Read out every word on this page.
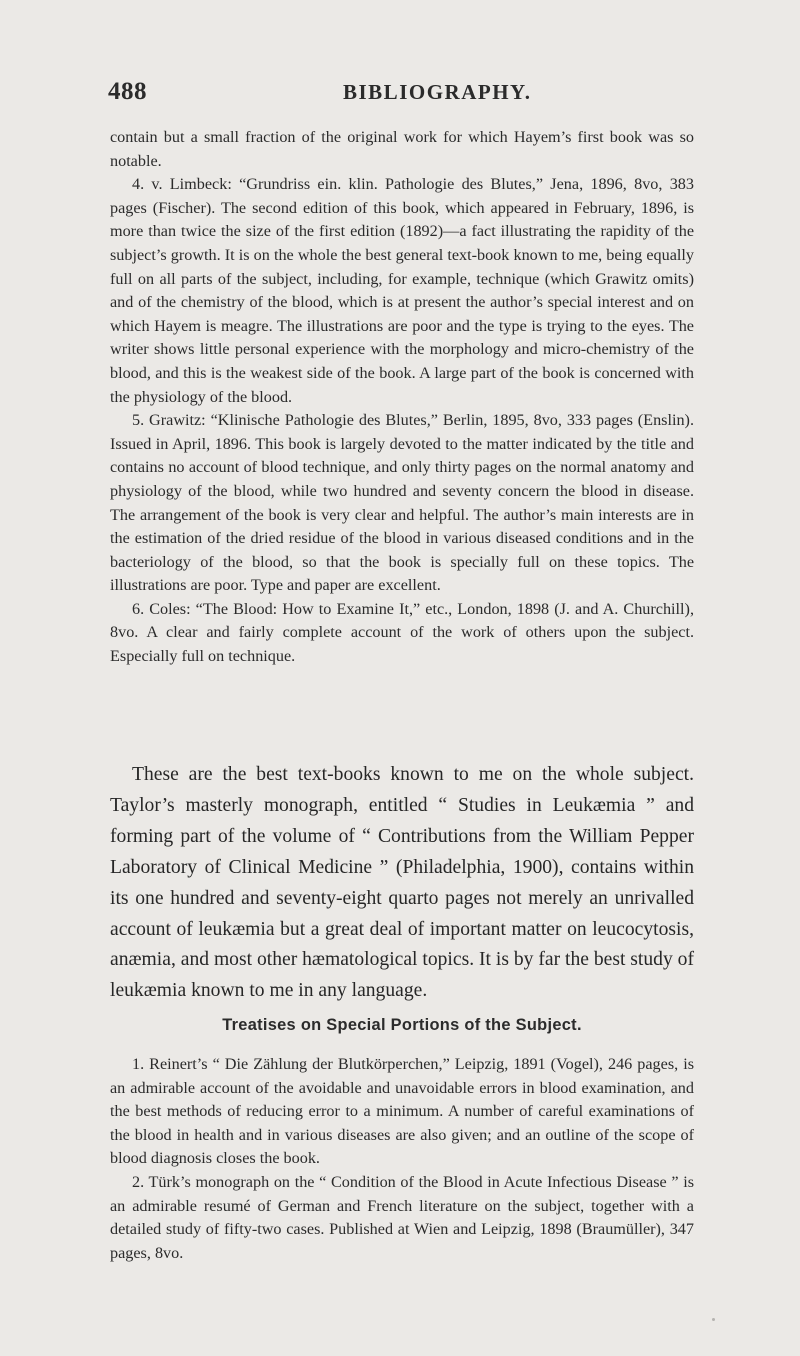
488	BIBLIOGRAPHY.

contain but a small fraction of the original work for which Hayem’s first book was so notable.

4. v. Limbeck: “Grundriss ein. klin. Pathologie des Blutes,” Jena, 1896, 8vo, 383 pages (Fischer). The second edition of this book, which appeared in February, 1896, is more than twice the size of the first edition (1892)—a fact illustrating the rapidity of the subject’s growth. It is on the whole the best general text-book known to me, being equally full on all parts of the subject, including, for example, technique (which Grawitz omits) and of the chemistry of the blood, which is at present the author’s special interest and on which Hayem is meagre. The illustrations are poor and the type is trying to the eyes. The writer shows little personal experience with the morphology and micro-chemistry of the blood, and this is the weakest side of the book. A large part of the book is concerned with the physiology of the blood.

5. Grawitz: “Klinische Pathologie des Blutes,” Berlin, 1895, 8vo, 333 pages (Enslin). Issued in April, 1896. This book is largely devoted to the matter indicated by the title and contains no account of blood technique, and only thirty pages on the normal anatomy and physiology of the blood, while two hundred and seventy concern the blood in disease. The arrangement of the book is very clear and helpful. The author’s main interests are in the estimation of the dried residue of the blood in various diseased conditions and in the bacteriology of the blood, so that the book is specially full on these topics. The illustrations are poor. Type and paper are excellent.

6. Coles: “The Blood: How to Examine It,” etc., London, 1898 (J. and A. Churchill), 8vo. A clear and fairly complete account of the work of others upon the subject. Especially full on technique.

These are the best text-books known to me on the whole subject. Taylor’s masterly monograph, entitled “ Studies in Leukæmia ” and forming part of the volume of “ Contributions from the William Pepper Laboratory of Clinical Medicine ” (Philadelphia, 1900), contains within its one hundred and seventy-eight quarto pages not merely an unrivalled account of leukæmia but a great deal of important matter on leucocytosis, anæmia, and most other hæmatological topics. It is by far the best study of leukæmia known to me in any language.

Treatises on Special Portions of the Subject.

1. Reinert’s “ Die Zählung der Blutkörperchen,” Leipzig, 1891 (Vogel), 246 pages, is an admirable account of the avoidable and unavoidable errors in blood examination, and the best methods of reducing error to a minimum. A number of careful examinations of the blood in health and in various diseases are also given; and an outline of the scope of blood diagnosis closes the book.

2. Türk’s monograph on the “ Condition of the Blood in Acute Infectious Disease ” is an admirable resumé of German and French literature on the subject, together with a detailed study of fifty-two cases. Published at Wien and Leipzig, 1898 (Braumüller), 347 pages, 8vo.
